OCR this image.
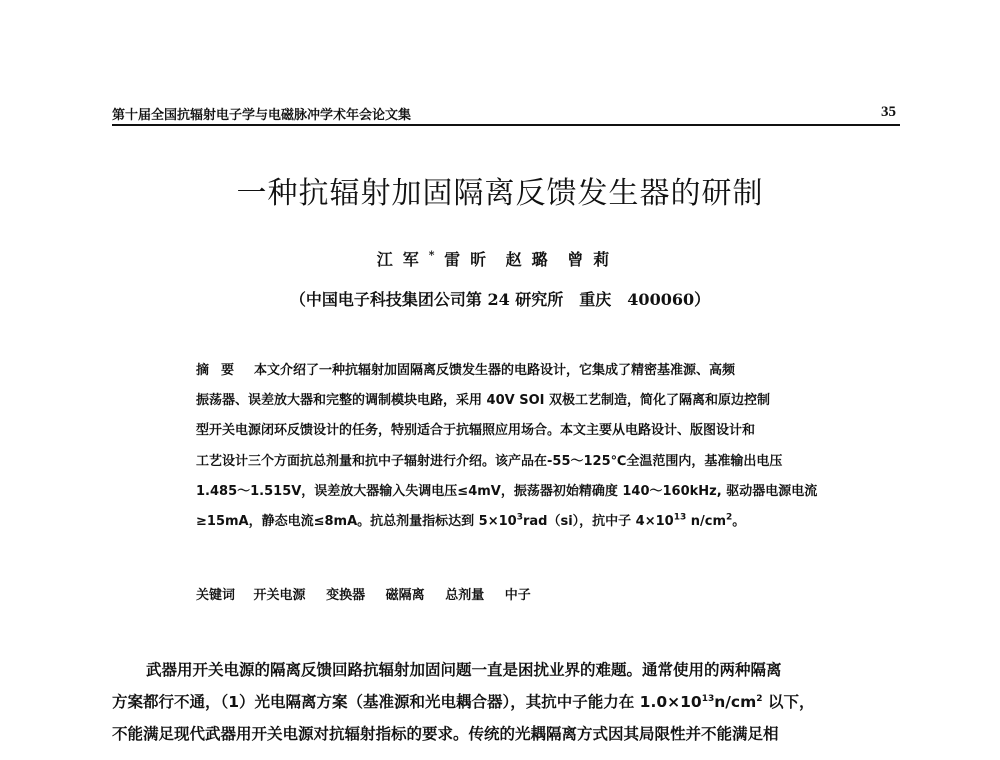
第十届全国抗辐射电子学与电磁脉冲学术年会论文集	35
一种抗辐射加固隔离反馈发生器的研制
江军* 雷昕 赵璐 曾莉
（中国电子科技集团公司第 24 研究所　重庆　400060）
摘要 本文介绍了一种抗辐射加固隔离反馈发生器的电路设计，它集成了精密基准源、高频
振荡器、误差放大器和完整的调制模块电路，采用 40V SOI 双极工艺制造，简化了隔离和原边控制
型开关电源闭环反馈设计的任务，特别适合于抗辐照应用场合。本文主要从电路设计、版图设计和
工艺设计三个方面抗总剂量和抗中子辐射进行介绍。该产品在-55～125℃全温范围内，基准输出电压
1.485～1.515V，误差放大器输入失调电压≤4mV，振荡器初始精确度 140～160kHz, 驱动器电源电流
≥15mA，静态电流≤8mA。抗总剂量指标达到 $5\times 10^3rad(si)$，抗中子 $4\times 10^{13}$ $n/cm^2$。
关键词 开关电源 变换器 磁隔离 总剂量 中子
武器用开关电源的隔离反馈回路抗辐射加固问题一直是困扰业界的难题。通常使用的两种隔离
方案都行不通，（1）光电隔离方案（基准源和光电耦合器），其抗中子能力在 $1.0\times 10^{13}n/cm^2$ 以下，
不能满足现代武器用开关电源对抗辐射指标的要求。传统的光耦隔离方式因其局限性并不能满足相
